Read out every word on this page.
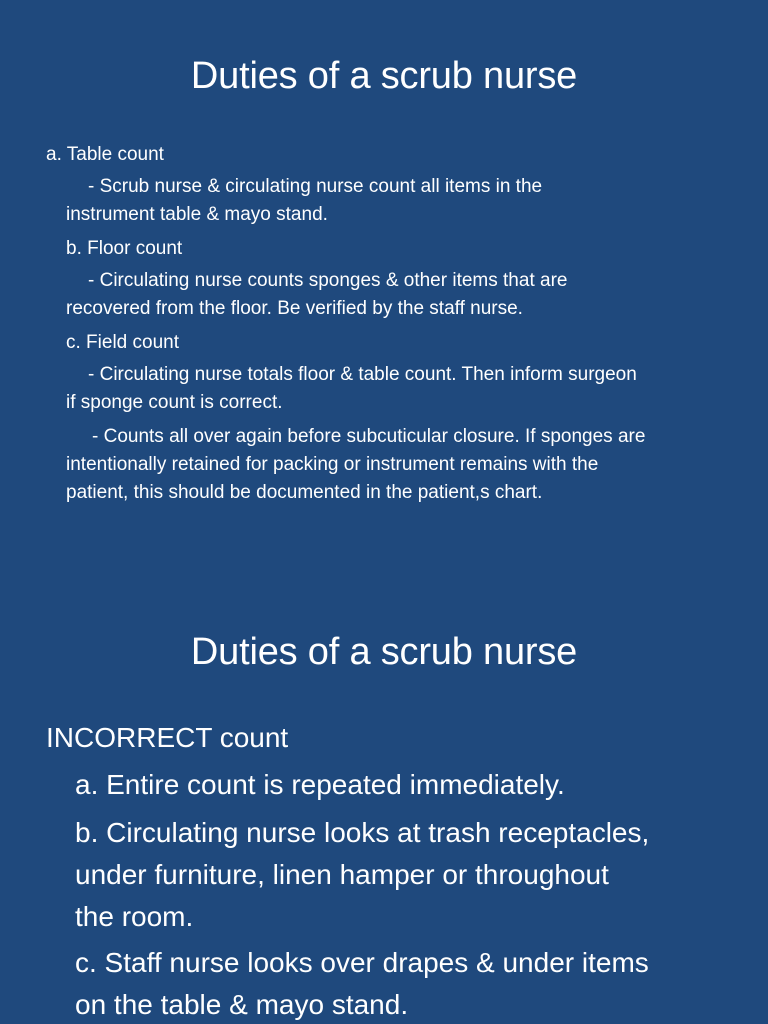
Duties of a scrub nurse
a. Table count
- Scrub nurse & circulating nurse count all items in the
instrument table & mayo stand.
b. Floor count
- Circulating nurse counts sponges & other items that are
recovered from the floor. Be verified by the staff nurse.
c. Field count
- Circulating nurse totals floor & table count. Then inform surgeon
if sponge count is correct.
- Counts all over again before subcuticular closure. If sponges are
intentionally retained for packing or instrument remains with the
patient, this should be documented in the patient,s chart.
Duties of a scrub nurse
INCORRECT count
a. Entire count is repeated immediately.
b. Circulating nurse looks at trash receptacles,
under furniture, linen hamper or throughout
the room.
c. Staff nurse looks over drapes & under items
on the table & mayo stand.
